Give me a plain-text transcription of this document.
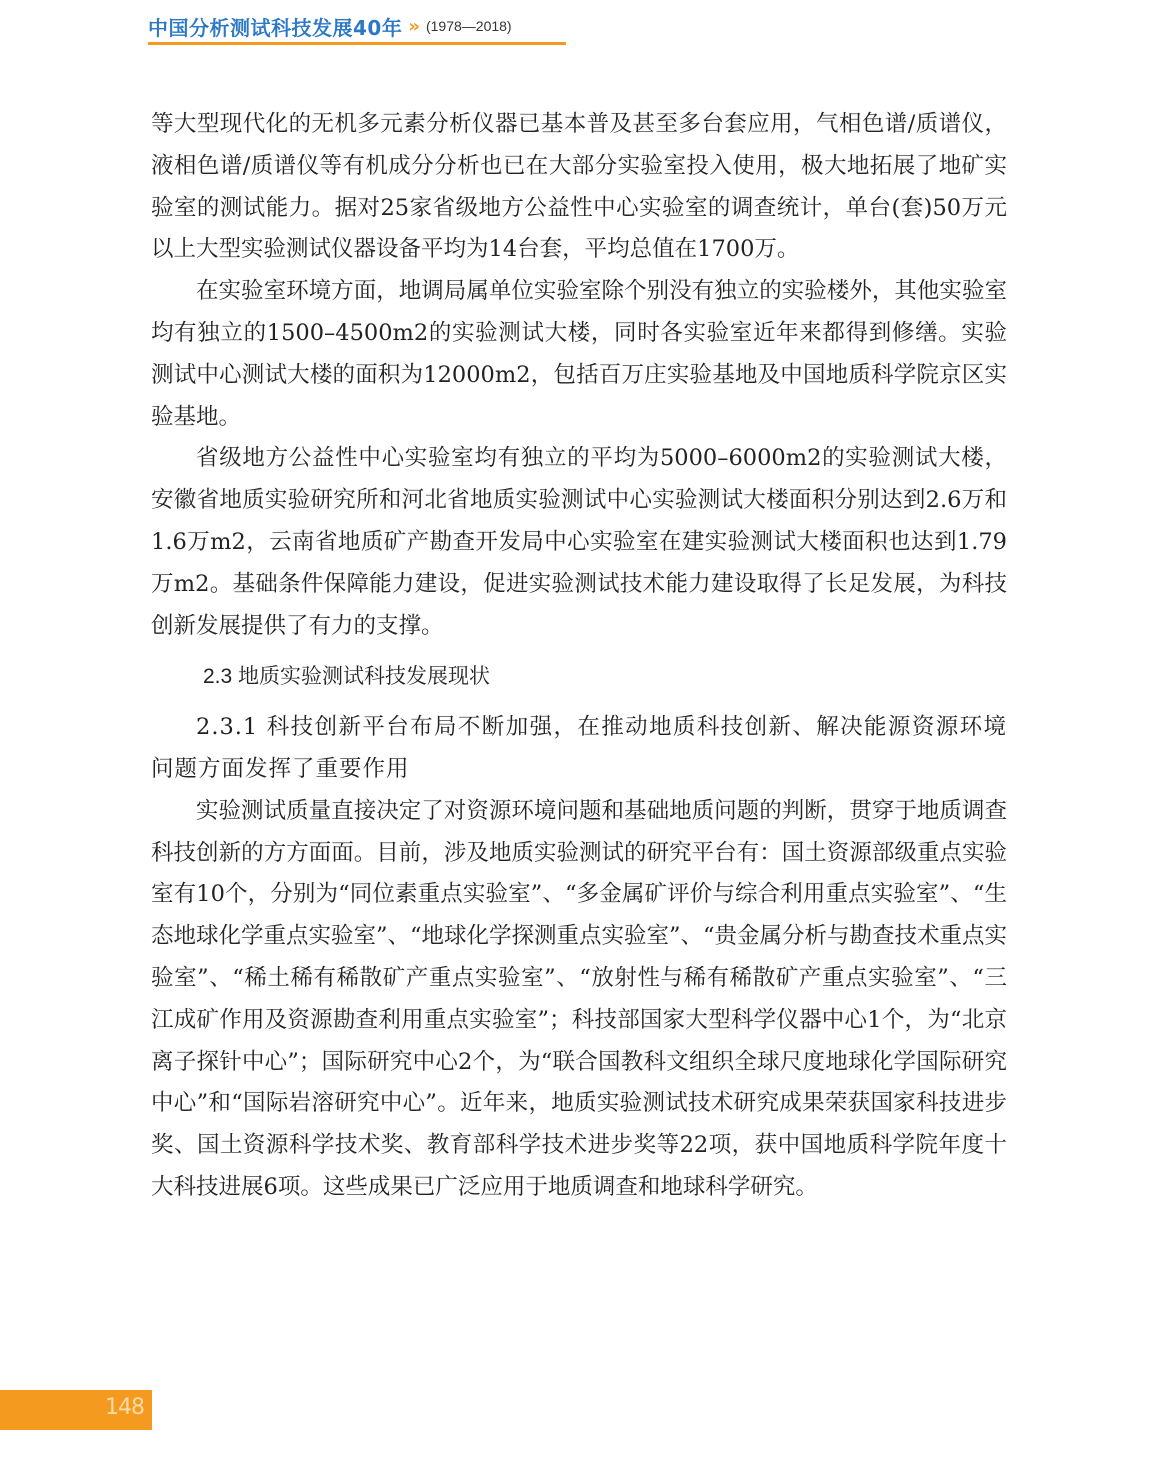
中国分析测试科技发展40年 » (1978—2018)

等大型现代化的无机多元素分析仪器已基本普及甚至多台套应用，气相色谱/质谱仪，液相色谱/质谱仪等有机成分分析也已在大部分实验室投入使用，极大地拓展了地矿实验室的测试能力。据对25家省级地方公益性中心实验室的调查统计，单台(套)50万元以上大型实验测试仪器设备平均为14台套，平均总值在1700万。

在实验室环境方面，地调局属单位实验室除个别没有独立的实验楼外，其他实验室均有独立的1500–4500m2的实验测试大楼，同时各实验室近年来都得到修缮。实验测试中心测试大楼的面积为12000m2，包括百万庄实验基地及中国地质科学院京区实验基地。

省级地方公益性中心实验室均有独立的平均为5000–6000m2的实验测试大楼，安徽省地质实验研究所和河北省地质实验测试中心实验测试大楼面积分别达到2.6万和1.6万m2，云南省地质矿产勘查开发局中心实验室在建实验测试大楼面积也达到1.79万m2。基础条件保障能力建设，促进实验测试技术能力建设取得了长足发展，为科技创新发展提供了有力的支撑。

2.3 地质实验测试科技发展现状

2.3.1 科技创新平台布局不断加强，在推动地质科技创新、解决能源资源环境问题方面发挥了重要作用

实验测试质量直接决定了对资源环境问题和基础地质问题的判断，贯穿于地质调查科技创新的方方面面。目前，涉及地质实验测试的研究平台有：国土资源部级重点实验室有10个，分别为“同位素重点实验室”、“多金属矿评价与综合利用重点实验室”、“生态地球化学重点实验室”、“地球化学探测重点实验室”、“贵金属分析与勘查技术重点实验室”、“稀土稀有稀散矿产重点实验室”、“放射性与稀有稀散矿产重点实验室”、“三江成矿作用及资源勘查利用重点实验室”；科技部国家大型科学仪器中心1个，为“北京离子探针中心”；国际研究中心2个，为“联合国教科文组织全球尺度地球化学国际研究中心”和“国际岩溶研究中心”。近年来，地质实验测试技术研究成果荣获国家科技进步奖、国土资源科学技术奖、教育部科学技术进步奖等22项，获中国地质科学院年度十大科技进展6项。这些成果已广泛应用于地质调查和地球科学研究。

148
